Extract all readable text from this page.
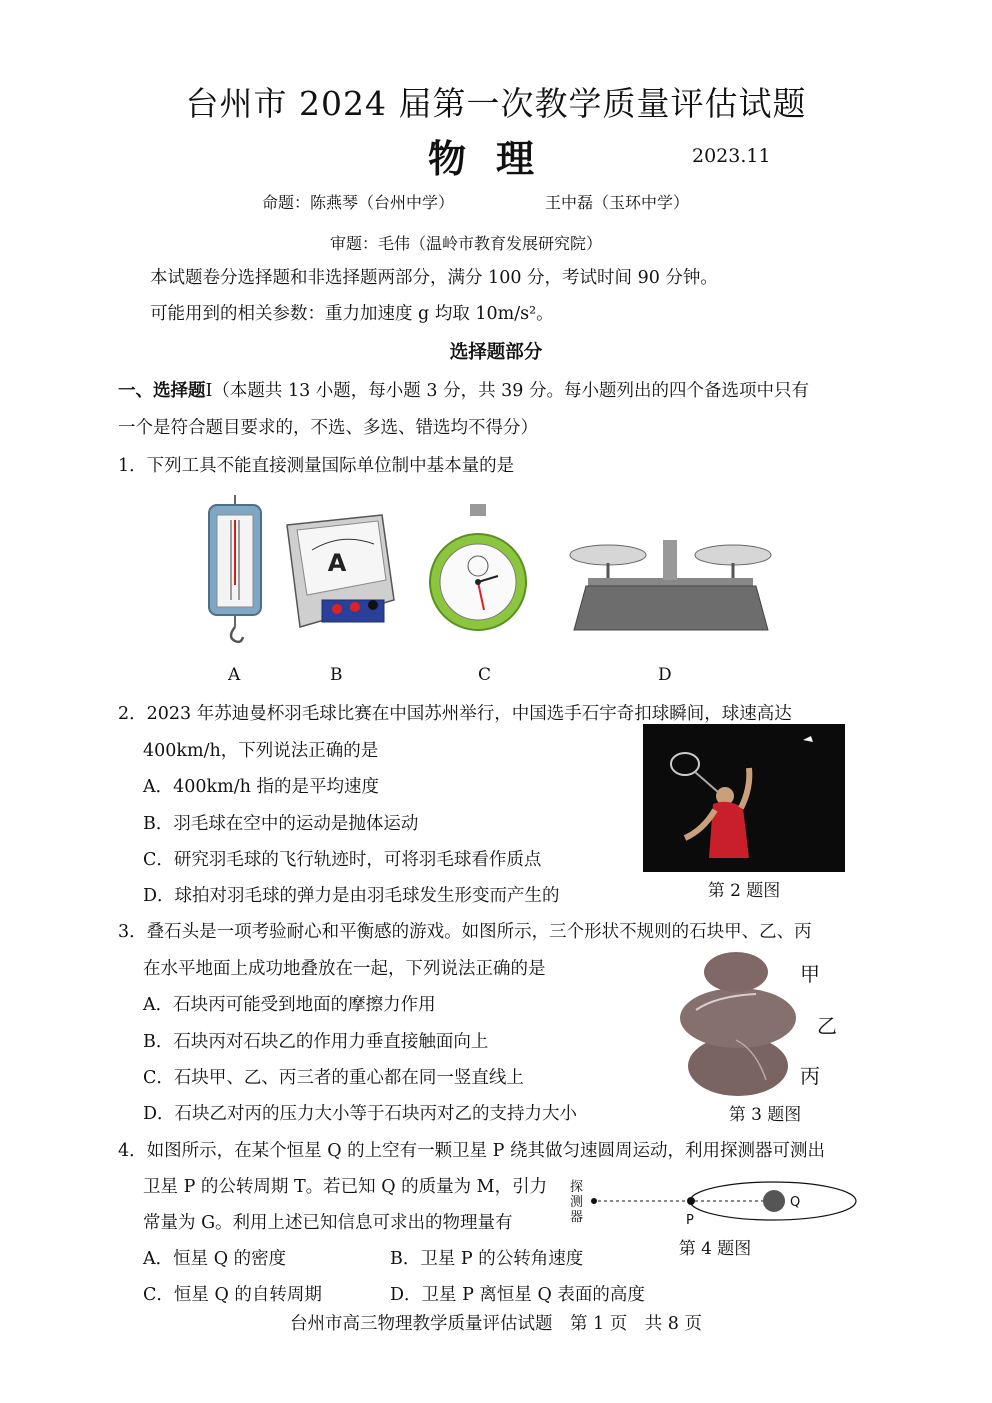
台州市 2024 届第一次教学质量评估试题
物理	2023.11
命题：陈燕琴（台州中学）	王中磊（玉环中学）
审题：毛伟（温岭市教育发展研究院）
本试题卷分选择题和非选择题两部分，满分 100 分，考试时间 90 分钟。
可能用到的相关参数：重力加速度 g 均取 10m/s²。
选择题部分
一、选择题Ⅰ（本题共 13 小题，每小题 3 分，共 39 分。每小题列出的四个备选项中只有
一个是符合题目要求的，不选、多选、错选均不得分）
1．下列工具不能直接测量国际单位制中基本量的是
A
A	B	C	D
2．2023 年苏迪曼杯羽毛球比赛在中国苏州举行，中国选手石宇奇扣球瞬间，球速高达
400km/h，下列说法正确的是
A．400km/h 指的是平均速度
B．羽毛球在空中的运动是抛体运动
C．研究羽毛球的飞行轨迹时，可将羽毛球看作质点
D．球拍对羽毛球的弹力是由羽毛球发生形变而产生的	第 2 题图
3．叠石头是一项考验耐心和平衡感的游戏。如图所示，三个形状不规则的石块甲、乙、丙
在水平地面上成功地叠放在一起，下列说法正确的是
A．石块丙可能受到地面的摩擦力作用
B．石块丙对石块乙的作用力垂直接触面向上
C．石块甲、乙、丙三者的重心都在同一竖直线上
D．石块乙对丙的压力大小等于石块丙对乙的支持力大小
甲
乙
丙
第 3 题图
4．如图所示，在某个恒星 Q 的上空有一颗卫星 P 绕其做匀速圆周运动，利用探测器可测出
卫星 P 的公转周期 T。若已知 Q 的质量为 M，引力
常量为 G。利用上述已知信息可求出的物理量有
A．恒星 Q 的密度	B．卫星 P 的公转角速度
C．恒星 Q 的自转周期	D．卫星 P 离恒星 Q 表面的高度
探
测
器	P
Q
第 4 题图
台州市高三物理教学质量评估试题　第 1 页　共 8 页
